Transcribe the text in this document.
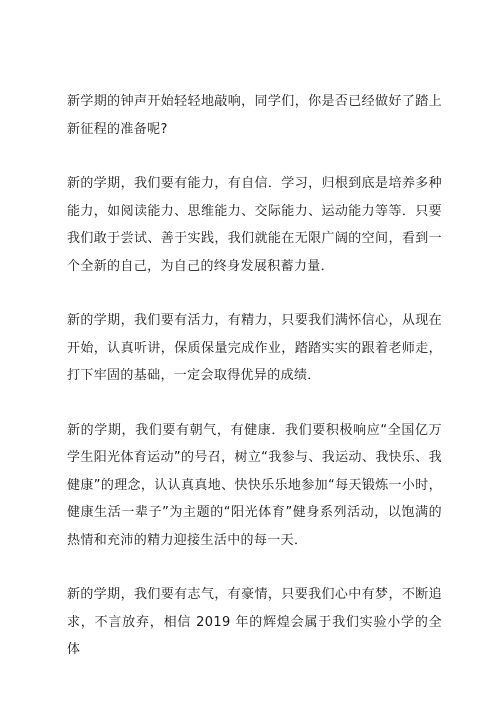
新学期的钟声开始轻轻地敲响，同学们，你是否已经做好了踏上新征程的准备呢?

新的学期，我们要有能力，有自信．学习，归根到底是培养多种能力，如阅读能力、思维能力、交际能力、运动能力等等．只要我们敢于尝试、善于实践，我们就能在无限广阔的空间，看到一个全新的自己，为自己的终身发展积蓄力量．

新的学期，我们要有活力，有精力，只要我们满怀信心，从现在开始，认真听讲，保质保量完成作业，踏踏实实的跟着老师走，打下牢固的基础，一定会取得优异的成绩．

新的学期，我们要有朝气，有健康．我们要积极响应“全国亿万学生阳光体育运动”的号召，树立“我参与、我运动、我快乐、我健康”的理念，认认真真地、快快乐乐地参加“每天锻炼一小时，健康生活一辈子”为主题的“阳光体育”健身系列活动，以饱满的热情和充沛的精力迎接生活中的每一天．

新的学期，我们要有志气，有豪情，只要我们心中有梦，不断追求，不言放弃，相信 2019 年的辉煌会属于我们实验小学的全体
